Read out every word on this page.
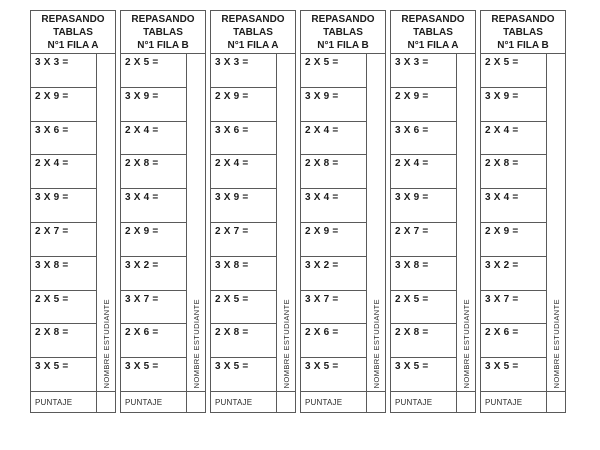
REPASANDO
TABLAS
N°1 FILA A
3 X 3 =
2 X 9 =
3 X 6 =
2 X 4 =
3 X 9 =
2 X 7 =
3 X 8 =
2 X 5 =
2 X 8 =
3 X 5 =	NOMBRE ESTUDIANTE
PUNTAJE
REPASANDO
TABLAS
N°1 FILA B
2 X 5 =
3 X 9 =
2 X 4 =
2 X 8 =
3 X 4 =
2 X 9 =
3 X 2 =
3 X 7 =
2 X 6 =
3 X 5 =	NOMBRE ESTUDIANTE
PUNTAJE
REPASANDO
TABLAS
N°1 FILA A
3 X 3 =
2 X 9 =
3 X 6 =
2 X 4 =
3 X 9 =
2 X 7 =
3 X 8 =
2 X 5 =
2 X 8 =
3 X 5 =	NOMBRE ESTUDIANTE
PUNTAJE
REPASANDO
TABLAS
N°1 FILA B
2 X 5 =
3 X 9 =
2 X 4 =
2 X 8 =
3 X 4 =
2 X 9 =
3 X 2 =
3 X 7 =
2 X 6 =
3 X 5 =	NOMBRE ESTUDIANTE
PUNTAJE
REPASANDO
TABLAS
N°1 FILA A
3 X 3 =
2 X 9 =
3 X 6 =
2 X 4 =
3 X 9 =
2 X 7 =
3 X 8 =
2 X 5 =
2 X 8 =
3 X 5 =	NOMBRE ESTUDIANTE
PUNTAJE
REPASANDO
TABLAS
N°1 FILA B
2 X 5 =
3 X 9 =
2 X 4 =
2 X 8 =
3 X 4 =
2 X 9 =
3 X 2 =
3 X 7 =
2 X 6 =
3 X 5 =	NOMBRE ESTUDIANTE
PUNTAJE
